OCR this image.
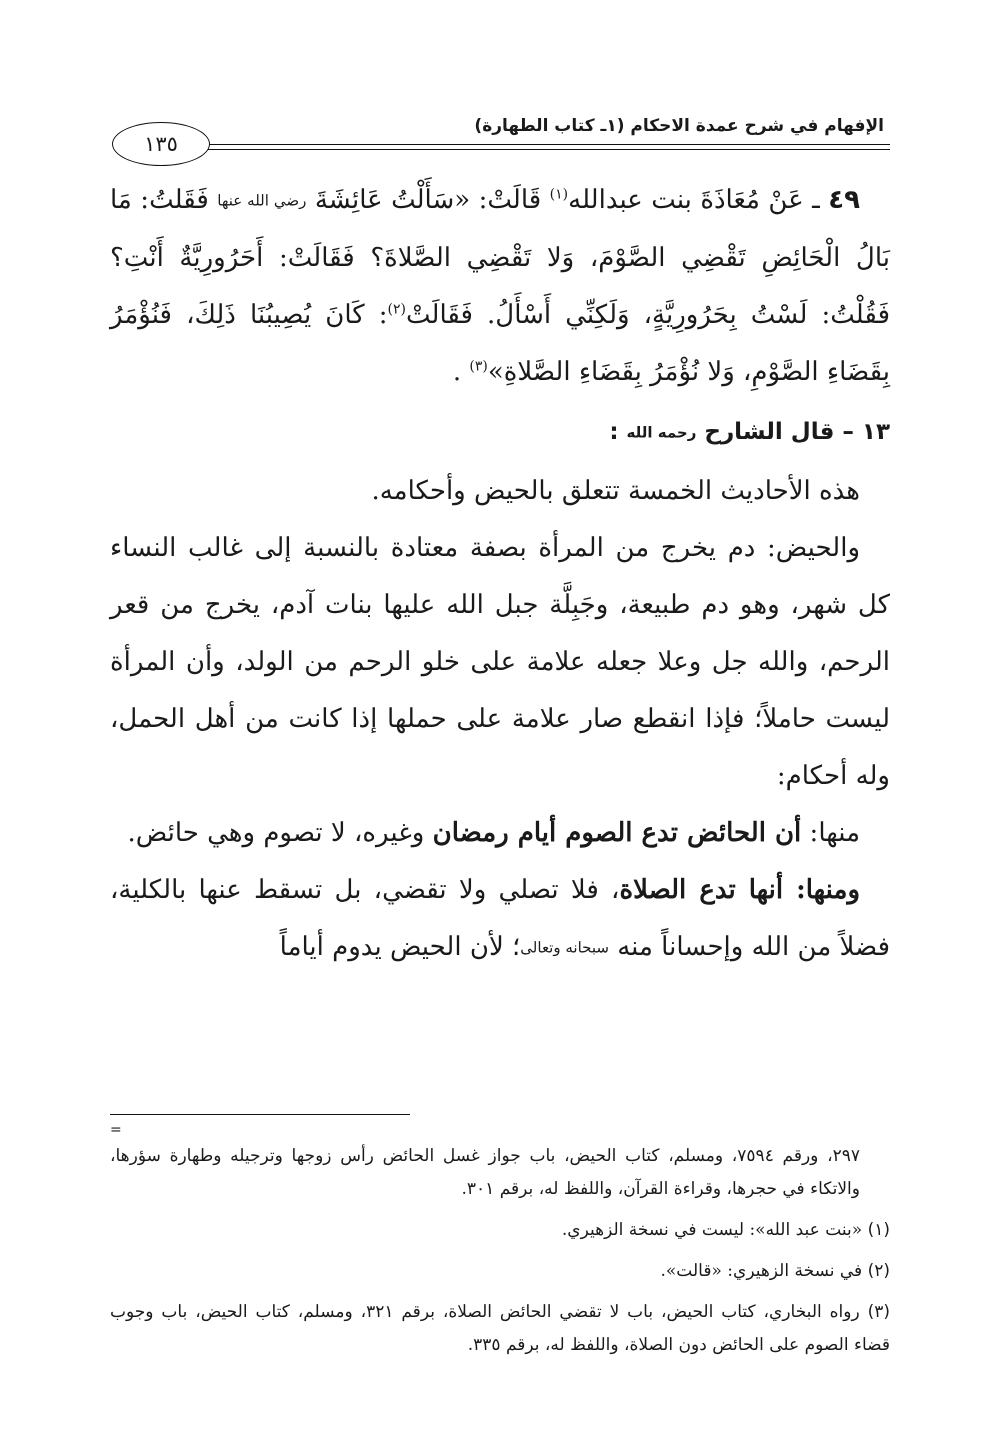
الإفهام في شرح عمدة الاحكام (١ـ كتاب الطهارة)
١٣٥

٤٩ ـ عَنْ مُعَاذَةَ بنت عبدالله$^{(١)}$ قَالَتْ: «سَأَلْتُ عَائِشَةَ رضي الله عنها فَقَلتُ: مَا بَالُ الْحَائِضِ تَقْضِي الصَّوْمَ، وَلا تَقْضِي الصَّلاةَ؟ فَقَالَتْ: أَحَرُورِيَّةٌ أَنْتِ؟ فَقُلْتُ: لَسْتُ بِحَرُورِيَّةٍ، وَلَكِنِّي أَسْأَلُ. فَقَالَتْ$^{(٢)}$: كَانَ يُصِيبُنَا ذَلِكَ، فَنُؤْمَرُ بِقَضَاءِ الصَّوْمِ، وَلا نُؤْمَرُ بِقَضَاءِ الصَّلاةِ»$^{(٣)}$ .

١٣ – قال الشارح رحمه الله :

هذه الأحاديث الخمسة تتعلق بالحيض وأحكامه.

والحيض: دم يخرج من المرأة بصفة معتادة بالنسبة إلى غالب النساء كل شهر، وهو دم طبيعة، وجَبِلَّة جبل الله عليها بنات آدم، يخرج من قعر الرحم، والله جل وعلا جعله علامة على خلو الرحم من الولد، وأن المرأة ليست حاملاً؛ فإذا انقطع صار علامة على حملها إذا كانت من أهل الحمل، وله أحكام:

منها: أن الحائض تدع الصوم أيام رمضان وغيره، لا تصوم وهي حائض.

ومنها: أنها تدع الصلاة، فلا تصلي ولا تقضي، بل تسقط عنها بالكلية، فضلاً من الله وإحساناً منه سبحانه وتعالى؛ لأن الحيض يدوم أياماً

=

٢٩٧، ورقم ٧٥٩٤، ومسلم، كتاب الحيض، باب جواز غسل الحائض رأس زوجها وترجيله وطهارة سؤرها، والاتكاء في حجرها، وقراءة القرآن، واللفظ له، برقم ٣٠١.

(١) «بنت عبد الله»: ليست في نسخة الزهيري.

(٢) في نسخة الزهيري: «قالت».

(٣) رواه البخاري، كتاب الحيض، باب لا تقضي الحائض الصلاة، برقم ٣٢١، ومسلم، كتاب الحيض، باب وجوب قضاء الصوم على الحائض دون الصلاة، واللفظ له، برقم ٣٣٥.
